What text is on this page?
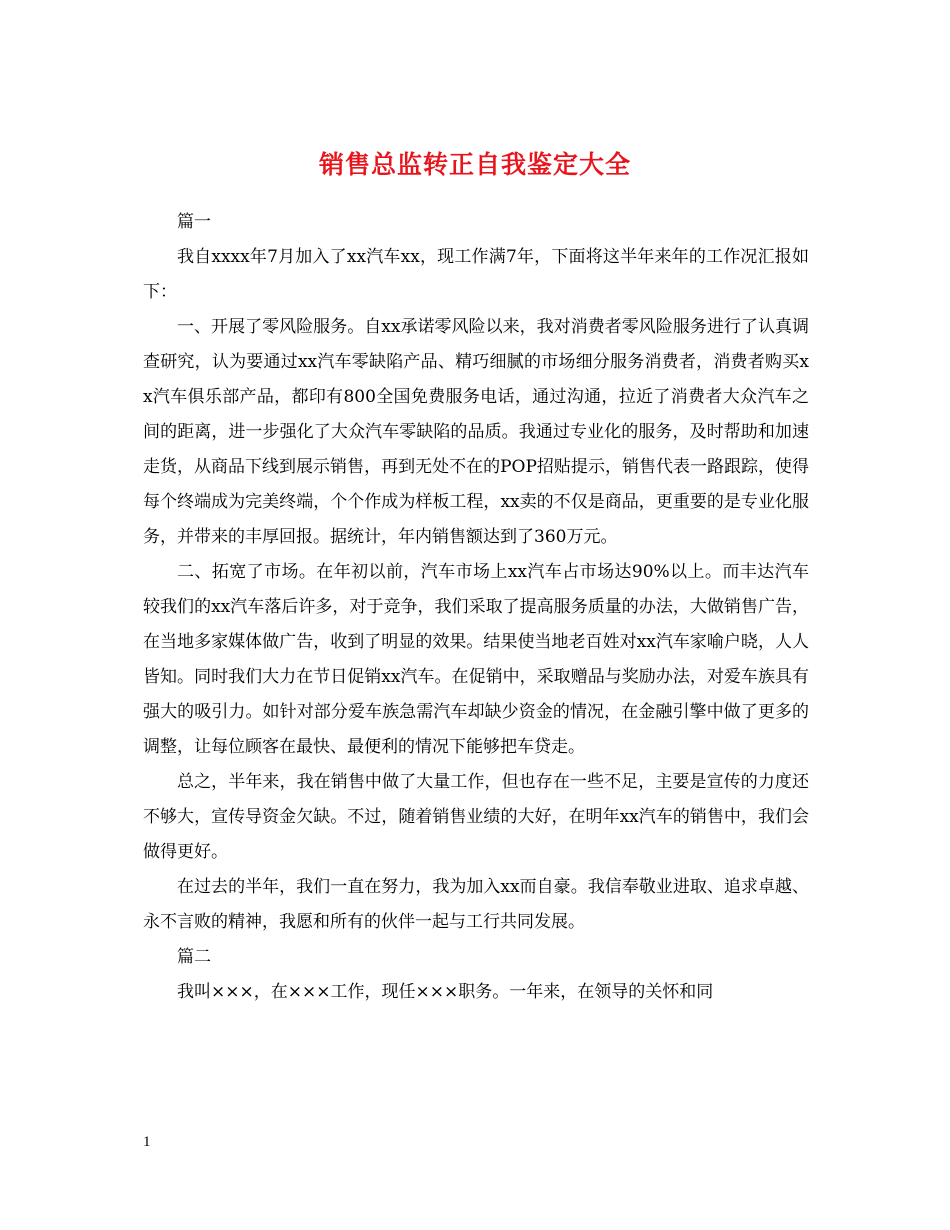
销售总监转正自我鉴定大全

篇一

我自xxxx年7月加入了xx汽车xx，现工作满7年，下面将这半年来年的工作况汇报如下：

一、开展了零风险服务。自xx承诺零风险以来，我对消费者零风险服务进行了认真调查研究，认为要通过xx汽车零缺陷产品、精巧细腻的市场细分服务消费者，消费者购买xx汽车俱乐部产品，都印有800全国免费服务电话，通过沟通，拉近了消费者大众汽车之间的距离，进一步强化了大众汽车零缺陷的品质。我通过专业化的服务，及时帮助和加速走货，从商品下线到展示销售，再到无处不在的POP招贴提示，销售代表一路跟踪，使得每个终端成为完美终端，个个作成为样板工程，xx卖的不仅是商品，更重要的是专业化服务，并带来的丰厚回报。据统计，年内销售额达到了360万元。

二、拓宽了市场。在年初以前，汽车市场上xx汽车占市场达90%以上。而丰达汽车较我们的xx汽车落后许多，对于竞争，我们采取了提高服务质量的办法，大做销售广告，在当地多家媒体做广告，收到了明显的效果。结果使当地老百姓对xx汽车家喻户晓，人人皆知。同时我们大力在节日促销xx汽车。在促销中，采取赠品与奖励办法，对爱车族具有强大的吸引力。如针对部分爱车族急需汽车却缺少资金的情况，在金融引擎中做了更多的调整，让每位顾客在最快、最便利的情况下能够把车贷走。

总之，半年来，我在销售中做了大量工作，但也存在一些不足，主要是宣传的力度还不够大，宣传导资金欠缺。不过，随着销售业绩的大好，在明年xx汽车的销售中，我们会做得更好。

在过去的半年，我们一直在努力，我为加入xx而自豪。我信奉敬业进取、追求卓越、永不言败的精神，我愿和所有的伙伴一起与工行共同发展。

篇二

我叫×××，在×××工作，现任×××职务。一年来，在领导的关怀和同

1
